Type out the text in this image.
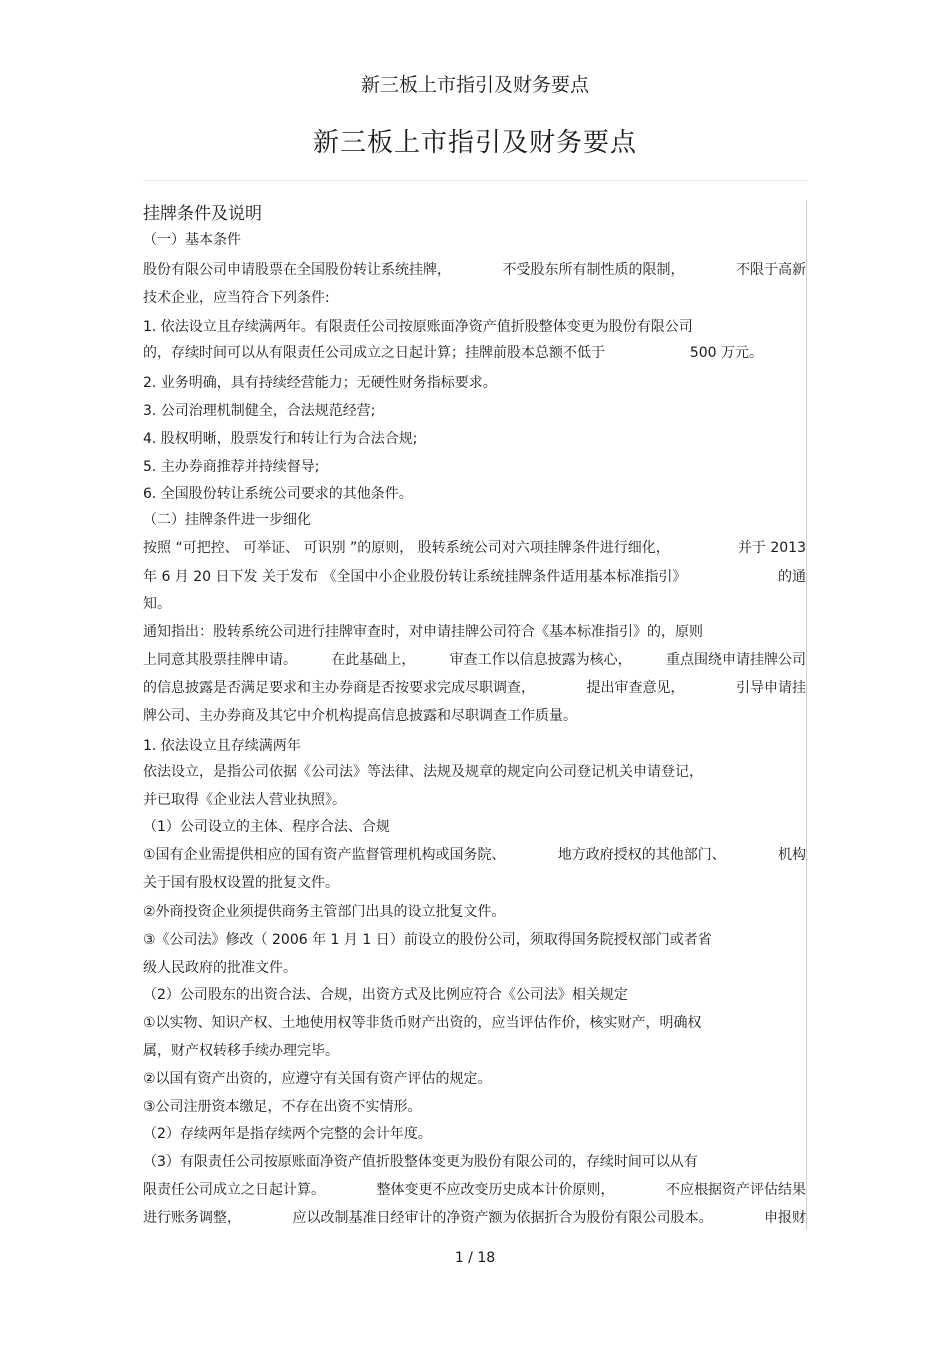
新三板上市指引及财务要点
新三板上市指引及财务要点
挂牌条件及说明
（一）基本条件
股份有限公司申请股票在全国股份转让系统挂牌，	不受股东所有制性质的限制，	不限于高新
技术企业，应当符合下列条件:
1. 依法设立且存续满两年。有限责任公司按原账面净资产值折股整体变更为股份有限公司
的，存续时间可以从有限责任公司成立之日起计算；挂牌前股本总额不低于	500 万元。
2. 业务明确，具有持续经营能力；无硬性财务指标要求。
3. 公司治理机制健全，合法规范经营;
4. 股权明晰，股票发行和转让行为合法合规;
5. 主办券商推荐并持续督导;
6. 全国股份转让系统公司要求的其他条件。
（二）挂牌条件进一步细化
按照 “可把控、 可举证、 可识别 ”的原则， 股转系统公司对六项挂牌条件进行细化，	并于 2013
年 6 月 20 日下发 关于发布 《全国中小企业股份转让系统挂牌条件适用基本标准指引》	的通
知。
通知指出：股转系统公司进行挂牌审查时，对申请挂牌公司符合《基本标准指引》的，原则
上同意其股票挂牌申请。 在此基础上， 审查工作以信息披露为核心， 重点围绕申请挂牌公司
的信息披露是否满足要求和主办券商是否按要求完成尽职调查，	提出审查意见，	引导申请挂
牌公司、主办券商及其它中介机构提高信息披露和尽职调查工作质量。
1. 依法设立且存续满两年
依法设立，是指公司依据《公司法》等法律、法规及规章的规定向公司登记机关申请登记，
并已取得《企业法人营业执照》。
（1）公司设立的主体、程序合法、合规
①国有企业需提供相应的国有资产监督管理机构或国务院、	地方政府授权的其他部门、	机构
关于国有股权设置的批复文件。
②外商投资企业须提供商务主管部门出具的设立批复文件。
③《公司法》修改（ 2006 年 1 月 1 日）前设立的股份公司，须取得国务院授权部门或者省
级人民政府的批准文件。
（2）公司股东的出资合法、合规，出资方式及比例应符合《公司法》相关规定
①以实物、知识产权、土地使用权等非货币财产出资的，应当评估作价，核实财产，明确权
属，财产权转移手续办理完毕。
②以国有资产出资的，应遵守有关国有资产评估的规定。
③公司注册资本缴足，不存在出资不实情形。
（2）存续两年是指存续两个完整的会计年度。
（3）有限责任公司按原账面净资产值折股整体变更为股份有限公司的，存续时间可以从有
限责任公司成立之日起计算。	整体变更不应改变历史成本计价原则，	不应根据资产评估结果
进行账务调整，	应以改制基准日经审计的净资产额为依据折合为股份有限公司股本。	申报财
1 / 18
